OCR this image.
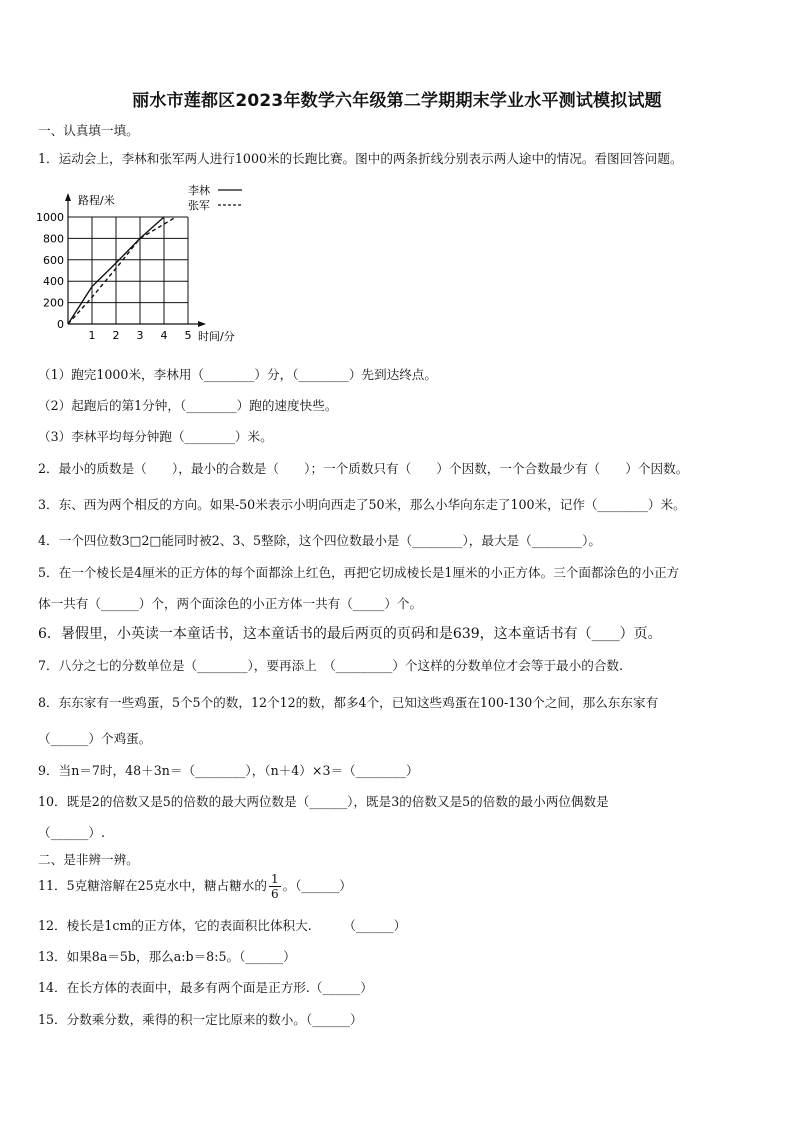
丽水市莲都区2023年数学六年级第二学期期末学业水平测试模拟试题
一、认真填一填。
1．运动会上，李林和张军两人进行1000米的长跑比赛。图中的两条折线分别表示两人途中的情况。看图回答问题。
1 2 3 4 5
200
400
600
800
1000
0
路程/米
时间/分
李林
张军
（1）跑完1000米，李林用（________）分，（________）先到达终点。
（2）起跑后的第1分钟，（________）跑的速度快些。
（3）李林平均每分钟跑（________）米。
2．最小的质数是（　　），最小的合数是（　　）；一个质数只有（　　）个因数，一个合数最少有（　　）个因数。
3．东、西为两个相反的方向。如果-50米表示小明向西走了50米，那么小华向东走了100米，记作（________）米。
4．一个四位数3□2□能同时被2、3、5整除，这个四位数最小是（________），最大是（________）。
5．在一个棱长是4厘米的正方体的每个面都涂上红色，再把它切成棱长是1厘米的小正方体。三个面都涂色的小正方
体一共有（______）个，两个面涂色的小正方体一共有（_____）个。
6．暑假里，小英读一本童话书，这本童话书的最后两页的页码和是639，这本童话书有（____）页。
7．八分之七的分数单位是（________），要再添上　（_________）个这样的分数单位才会等于最小的合数.
8．东东家有一些鸡蛋，5个5个的数，12个12的数，都多4个，已知这些鸡蛋在100-130个之间，那么东东家有
（______）个鸡蛋。
9．当n＝7时，48＋3n＝（________），（n＋4）×3＝（________）
10．既是2的倍数又是5的倍数的最大两位数是（______），既是3的倍数又是5的倍数的最小两位偶数是
（______）.
二、是非辨一辨。
11．5克糖溶解在25克水中，糖占糖水的 $\frac{1}{6}$ 。（______）
12．棱长是1cm的正方体，它的表面积比体积大.　　　（______）
13．如果8a＝5b，那么a:b＝8:5。（______）
14．在长方体的表面中，最多有两个面是正方形.（______）
15．分数乘分数，乘得的积一定比原来的数小。（______）
